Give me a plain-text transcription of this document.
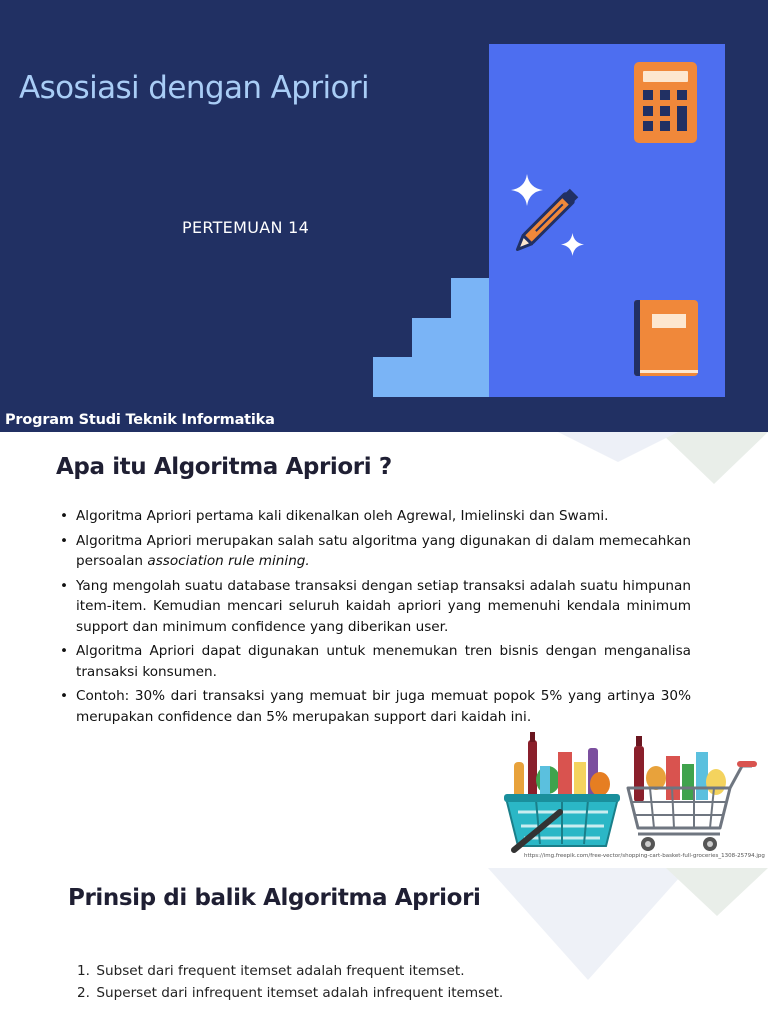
Asosiasi dengan Apriori
PERTEMUAN 14
Program Studi Teknik Informatika
Apa itu Algoritma Apriori ?
• Algoritma Apriori pertama kali dikenalkan oleh Agrewal, Imielinski dan Swami.
• Algoritma Apriori merupakan salah satu algoritma yang digunakan di dalam memecahkan persoalan association rule mining.
• Yang mengolah suatu database transaksi dengan setiap transaksi adalah suatu himpunan item-item. Kemudian mencari seluruh kaidah apriori yang memenuhi kendala minimum support dan minimum confidence yang diberikan user.
• Algoritma Apriori dapat digunakan untuk menemukan tren bisnis dengan menganalisa transaksi konsumen.
• Contoh: 30% dari transaksi yang memuat bir juga memuat popok 5% yang artinya 30% merupakan confidence dan 5% merupakan support dari kaidah ini.
https://img.freepik.com/free-vector/shopping-cart-basket-full-groceries_1308-25794.jpg
Prinsip di balik Algoritma Apriori
1. Subset dari frequent itemset adalah frequent itemset.
2. Superset dari infrequent itemset adalah infrequent itemset.
